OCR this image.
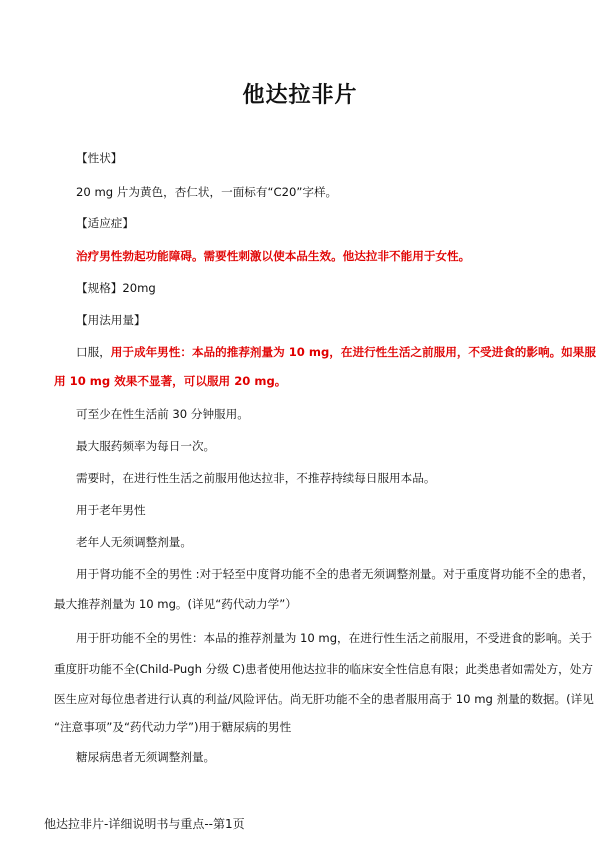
他达拉非片
【性状】
20 mg 片为黄色，杏仁状，一面标有“C20”字样。
【适应症】
治疗男性勃起功能障碍。需要性刺激以使本品生效。他达拉非不能用于女性。
【规格】20mg
【用法用量】
口服，用于成年男性：本品的推荐剂量为 10 mg，在进行性生活之前服用，不受进食的影响。如果服
用 10 mg 效果不显著，可以服用 20 mg。
可至少在性生活前 30 分钟服用。
最大服药频率为每日一次。
需要时，在进行性生活之前服用他达拉非，不推荐持续每日服用本品。
用于老年男性
老年人无须调整剂量。
用于肾功能不全的男性 :对于轻至中度肾功能不全的患者无须调整剂量。对于重度肾功能不全的患者，
最大推荐剂量为 10 mg。(详见“药代动力学”）
用于肝功能不全的男性：本品的推荐剂量为 10 mg，在进行性生活之前服用，不受进食的影响。关于
重度肝功能不全(Child-Pugh 分级 C)患者使用他达拉非的临床安全性信息有限；此类患者如需处方，处方
医生应对每位患者进行认真的利益/风险评估。尚无肝功能不全的患者服用高于 10 mg 剂量的数据。(详见
“注意事项”及“药代动力学”)用于糖尿病的男性
糖尿病患者无须调整剂量。
他达拉非片-详细说明书与重点--第1页
